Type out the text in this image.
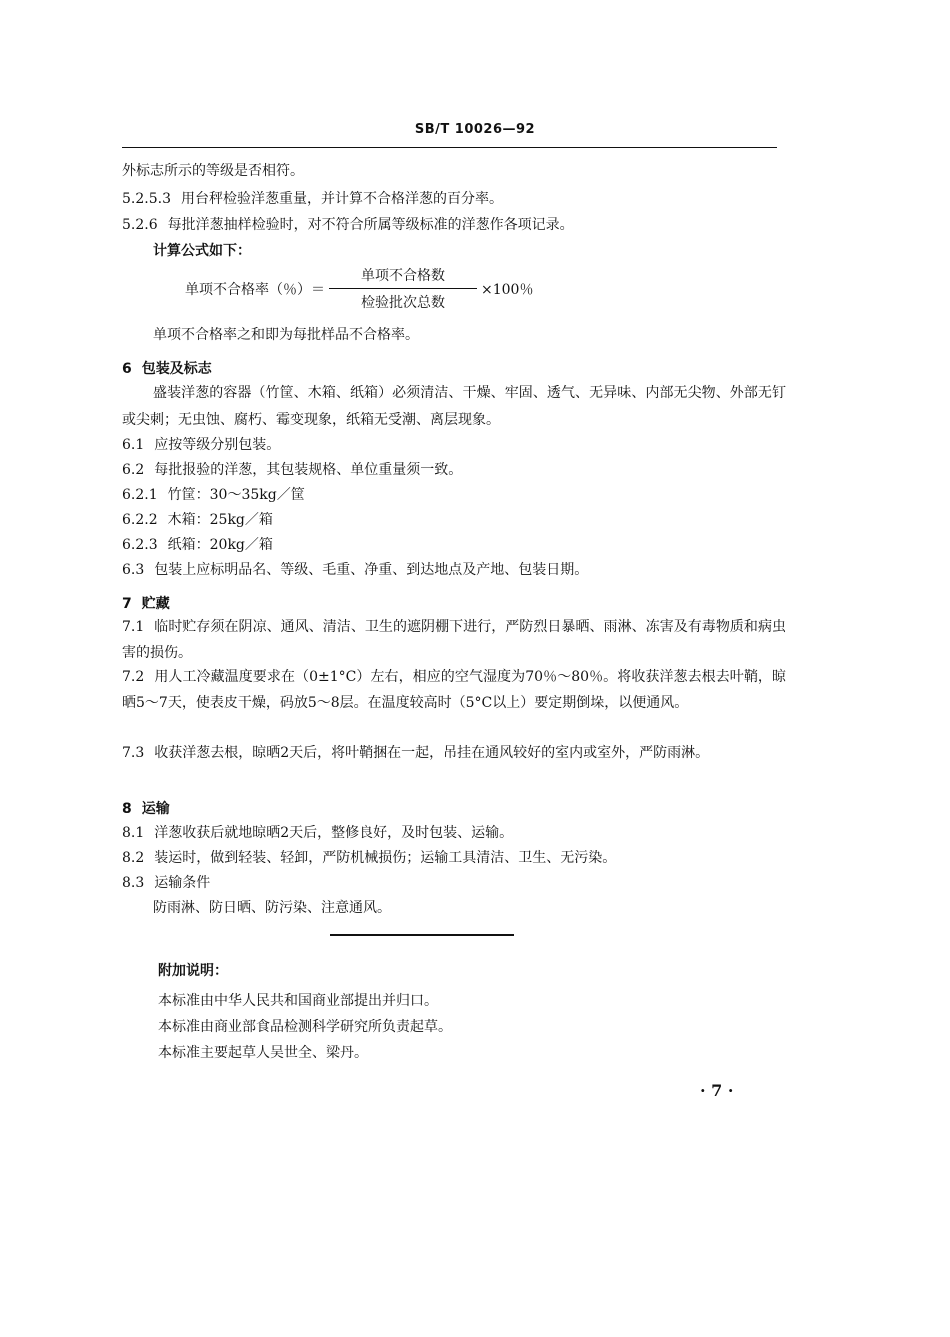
SB/T 10026—92
外标志所示的等级是否相符。
5.2.5.3 用台秤检验洋葱重量，并计算不合格洋葱的百分率。
5.2.6 每批洋葱抽样检验时，对不符合所属等级标准的洋葱作各项记录。
计算公式如下：
单项不合格率（％）＝ $\frac{\text{单项不合格数}}{\text{检验批次总数}} \times 100$％
单项不合格率之和即为每批样品不合格率。
6 包装及标志
盛装洋葱的容器（竹筐、木箱、纸箱）必须清洁、干燥、牢固、透气、无异味、内部无尖物、外部无钉或尖刺；无虫蚀、腐朽、霉变现象，纸箱无受潮、离层现象。
6.1 应按等级分别包装。
6.2 每批报验的洋葱，其包装规格、单位重量须一致。
6.2.1 竹筐：30～35kg／筐
6.2.2 木箱：25kg／箱
6.2.3 纸箱：20kg／箱
6.3 包装上应标明品名、等级、毛重、净重、到达地点及产地、包装日期。
7 贮藏
7.1 临时贮存须在阴凉、通风、清洁、卫生的遮阴棚下进行，严防烈日暴晒、雨淋、冻害及有毒物质和病虫害的损伤。
7.2 用人工冷藏温度要求在（0±1°C）左右，相应的空气湿度为70％～80％。将收获洋葱去根去叶鞘，晾晒5～7天，使表皮干燥，码放5～8层。在温度较高时（5°C以上）要定期倒垛，以便通风。
7.3 收获洋葱去根，晾晒2天后，将叶鞘捆在一起，吊挂在通风较好的室内或室外，严防雨淋。
8 运输
8.1 洋葱收获后就地晾晒2天后，整修良好，及时包装、运输。
8.2 装运时，做到轻装、轻卸，严防机械损伤；运输工具清洁、卫生、无污染。
8.3 运输条件
防雨淋、防日晒、防污染、注意通风。
附加说明：
本标准由中华人民共和国商业部提出并归口。
本标准由商业部食品检测科学研究所负责起草。
本标准主要起草人吴世全、梁丹。
· 7 ·
